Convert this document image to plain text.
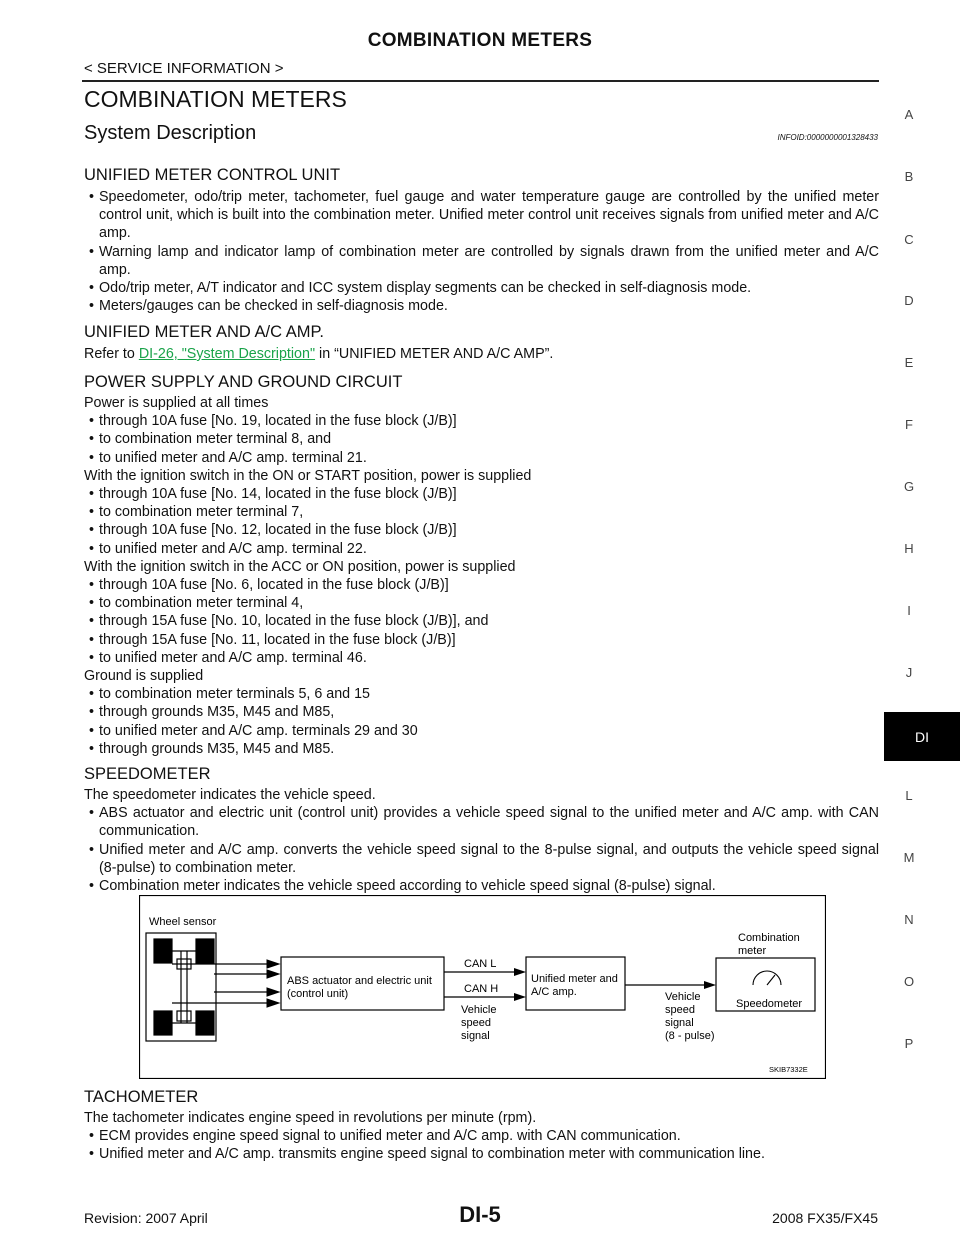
COMBINATION METERS
< SERVICE INFORMATION >
COMBINATION METERS
System Description	INFOID:0000000001328433
A
B
C
D
E
F
G
H
I
J
DI
L
M
N
O
P

UNIFIED METER CONTROL UNIT

• Speedometer, odo/trip meter, tachometer, fuel gauge and water temperature gauge are controlled by the unified meter control unit, which is built into the combination meter. Unified meter control unit receives signals from unified meter and A/C amp.

• Warning lamp and indicator lamp of combination meter are controlled by signals drawn from the unified meter and A/C amp.

• Odo/trip meter, A/T indicator and ICC system display segments can be checked in self-diagnosis mode.

• Meters/gauges can be checked in self-diagnosis mode.

UNIFIED METER AND A/C AMP.

Refer to DI-26, "System Description" in “UNIFIED METER AND A/C AMP”.

POWER SUPPLY AND GROUND CIRCUIT

Power is supplied at all times

• through 10A fuse [No. 19, located in the fuse block (J/B)]

• to combination meter terminal 8, and

• to unified meter and A/C amp. terminal 21.

With the ignition switch in the ON or START position, power is supplied

• through 10A fuse [No. 14, located in the fuse block (J/B)]

• to combination meter terminal 7,

• through 10A fuse [No. 12, located in the fuse block (J/B)]

• to unified meter and A/C amp. terminal 22.

With the ignition switch in the ACC or ON position, power is supplied

• through 10A fuse [No. 6, located in the fuse block (J/B)]

• to combination meter terminal 4,

• through 15A fuse [No. 10, located in the fuse block (J/B)], and

• through 15A fuse [No. 11, located in the fuse block (J/B)]

• to unified meter and A/C amp. terminal 46.

Ground is supplied

• to combination meter terminals 5, 6 and 15

• through grounds M35, M45 and M85,

• to unified meter and A/C amp. terminals 29 and 30

• through grounds M35, M45 and M85.

SPEEDOMETER

The speedometer indicates the vehicle speed.

• ABS actuator and electric unit (control unit) provides a vehicle speed signal to the unified meter and A/C amp. with CAN communication.

• Unified meter and A/C amp. converts the vehicle speed signal to the 8-pulse signal, and outputs the vehicle speed signal (8-pulse) to combination meter.

• Combination meter indicates the vehicle speed according to vehicle speed signal (8-pulse) signal.

Wheel sensor
ABS actuator and electric unit
(control unit)
CAN L
CAN H
Vehicle
speed
signal
Unified meter and
A/C amp.	Vehicle
speed
signal
(8 - pulse)
Combination
meter
Speedometer
SKIB7332E

TACHOMETER

The tachometer indicates engine speed in revolutions per minute (rpm).

• ECM provides engine speed signal to unified meter and A/C amp. with CAN communication.

• Unified meter and A/C amp. transmits engine speed signal to combination meter with communication line.

Revision: 2007 April	DI-5	2008 FX35/FX45
